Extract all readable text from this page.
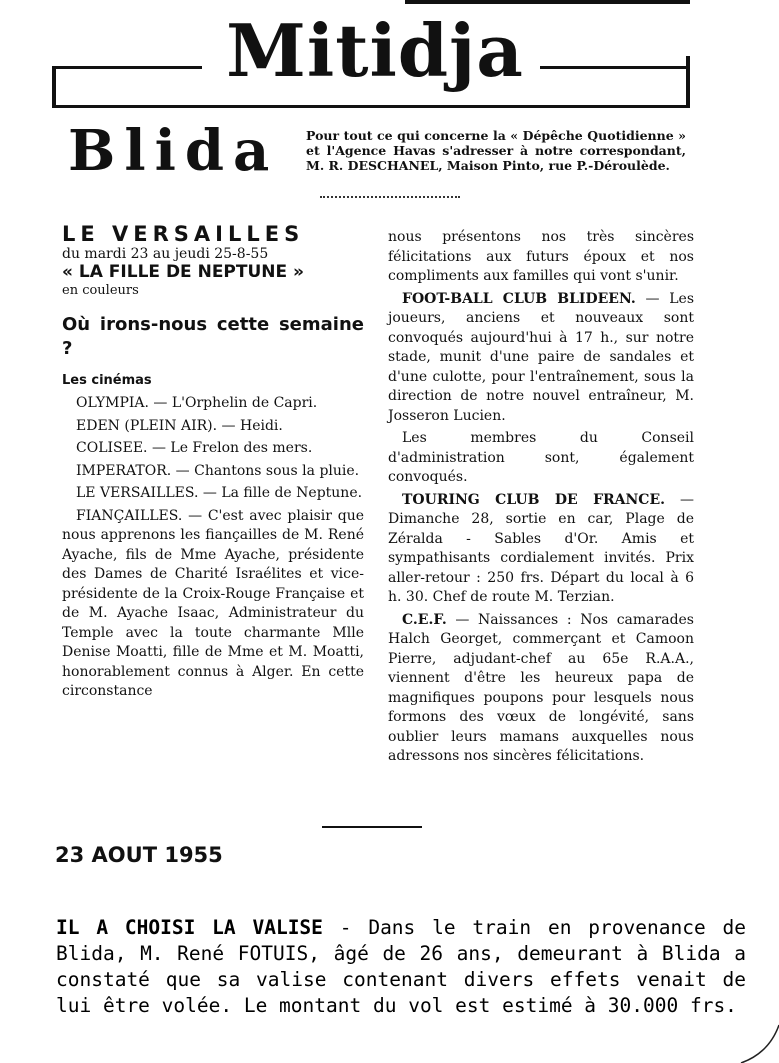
Mitidja
Blida Pour tout ce qui concerne la « Dépêche Quotidienne » et l'Agence Havas s'adresser à notre correspondant, M. R. DESCHANEL, Maison Pinto, rue P.-Déroulède.

LE VERSAILLES

du mardi 23 au jeudi 25-8-55

« LA FILLE DE NEPTUNE »

en couleurs

Où irons-nous cette semaine ?

Les cinémas

OLYMPIA. — L'Orphelin de Capri.

EDEN (PLEIN AIR). — Heidi.

COLISEE. — Le Frelon des mers.

IMPERATOR. — Chantons sous la pluie.

LE VERSAILLES. — La fille de Neptune.

FIANÇAILLES. — C'est avec plaisir que nous apprenons les fiançailles de M. René Ayache, fils de Mme Ayache, présidente des Dames de Charité Israélites et vice-présidente de la Croix-Rouge Française et de M. Ayache Isaac, Administrateur du Temple avec la toute charmante Mlle Denise Moatti, fille de Mme et M. Moatti, honorablement connus à Alger. En cette circonstance

nous présentons nos très sincères félicitations aux futurs époux et nos compliments aux familles qui vont s'unir.

FOOT-BALL CLUB BLIDEEN. — Les joueurs, anciens et nouveaux sont convoqués aujourd'hui à 17 h., sur notre stade, munit d'une paire de sandales et d'une culotte, pour l'entraînement, sous la direction de notre nouvel entraîneur, M. Josseron Lucien.

Les membres du Conseil d'administration sont, également convoqués.

TOURING CLUB DE FRANCE. — Dimanche 28, sortie en car, Plage de Zéralda - Sables d'Or. Amis et sympathisants cordialement invités. Prix aller-retour : 250 frs. Départ du local à 6 h. 30. Chef de route M. Terzian.

C.E.F. — Naissances : Nos camarades Halch Georget, commerçant et Camoon Pierre, adjudant-chef au 65e R.A.A., viennent d'être les heureux papa de magnifiques poupons pour lesquels nous formons des vœux de longévité, sans oublier leurs mamans auxquelles nous adressons nos sincères félicitations.

23 AOUT 1955
IL A CHOISI LA VALISE - Dans le train en provenance de Blida, M. René FOTUIS, âgé de 26 ans, demeurant à Blida a constaté que sa valise contenant divers effets venait de lui être volée. Le montant du vol est estimé à 30.000 frs.
